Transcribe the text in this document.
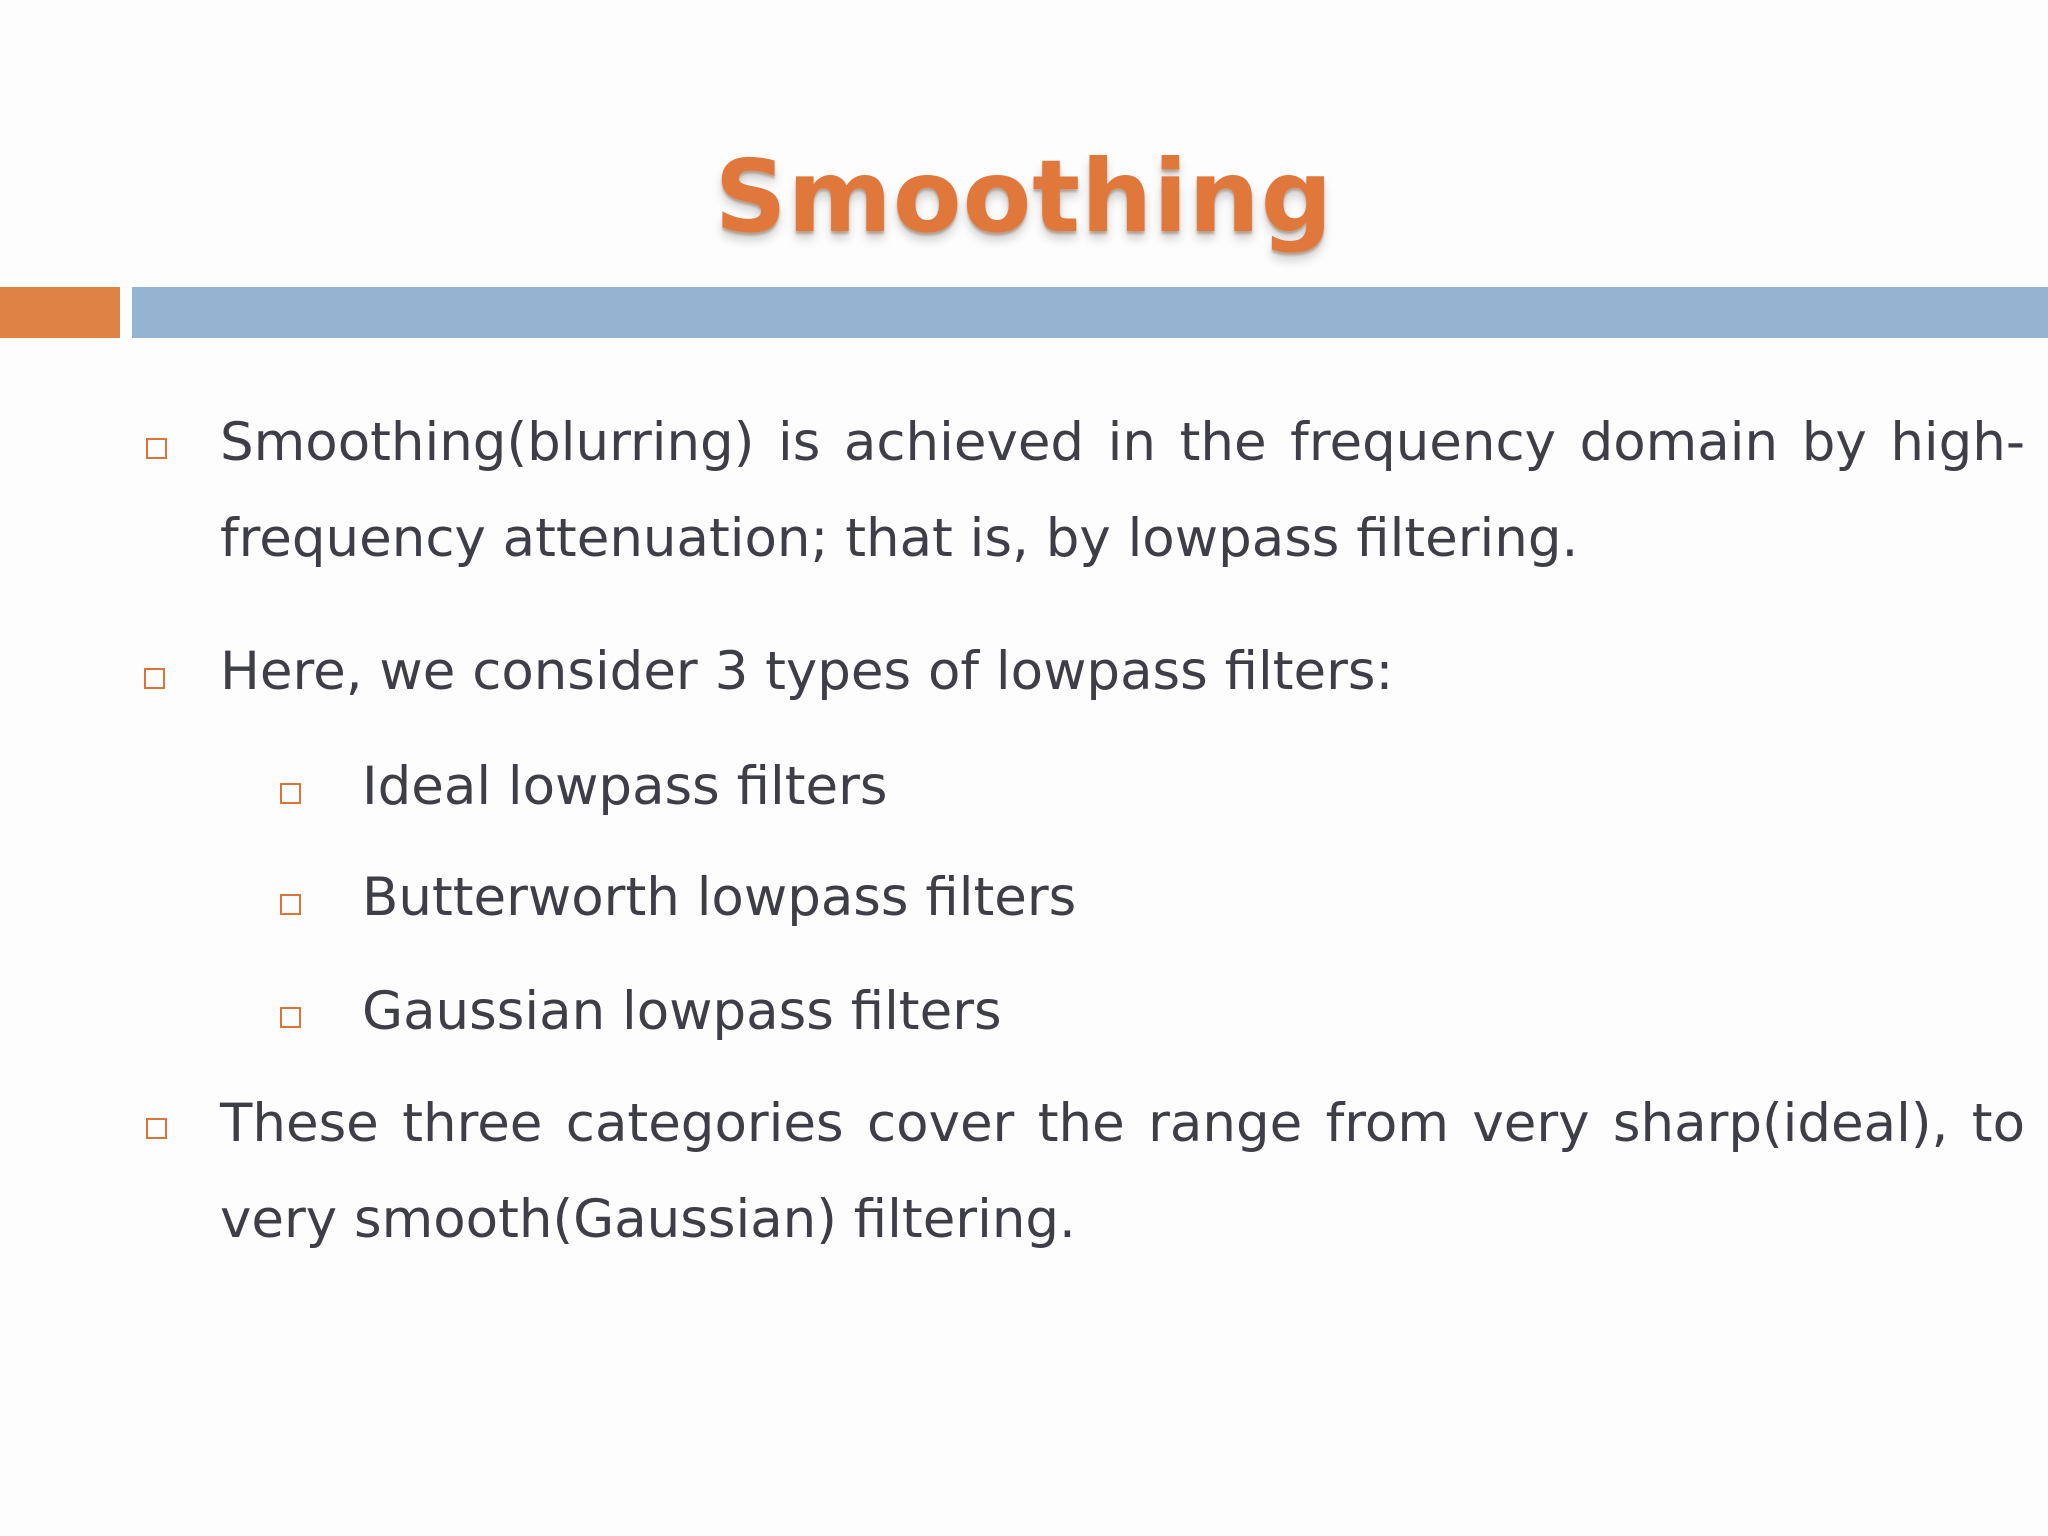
Smoothing
Smoothing(blurring) is achieved in the frequency domain by high-frequency attenuation; that is, by lowpass filtering.
Here, we consider 3 types of lowpass filters:
Ideal lowpass filters
Butterworth lowpass filters
Gaussian lowpass filters
These three categories cover the range from very sharp(ideal), to very smooth(Gaussian) filtering.
